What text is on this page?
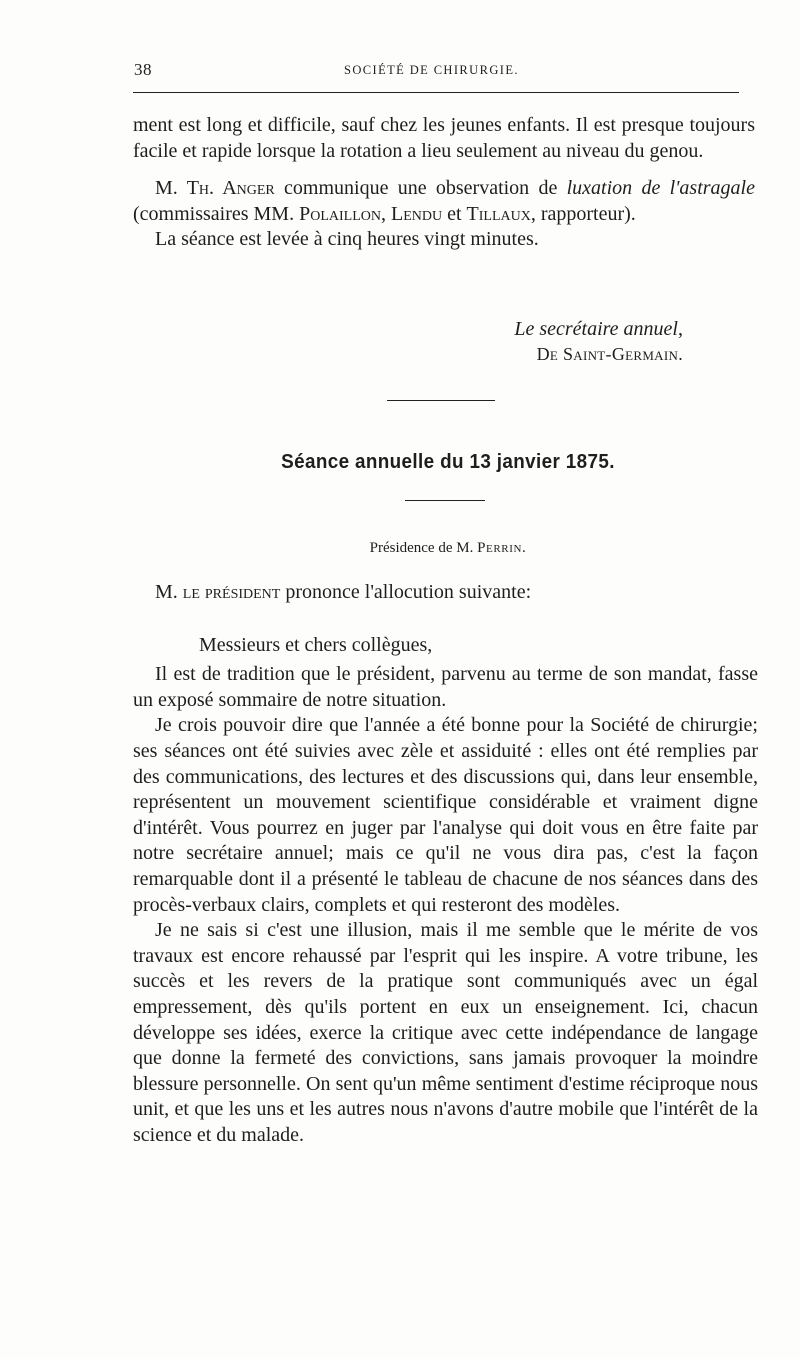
38	SOCIÉTÉ DE CHIRURGIE.

ment est long et difficile, sauf chez les jeunes enfants. Il est presque toujours facile et rapide lorsque la rotation a lieu seulement au niveau du genou.

M. Th. Anger communique une observation de luxation de l'astragale (commissaires MM. Polaillon, Lendu et Tillaux, rapporteur).

La séance est levée à cinq heures vingt minutes.

Le secrétaire annuel,
De Saint-Germain.
Séance annuelle du 13 janvier 1875.
Présidence de M. Perrin.

M. le président prononce l'allocution suivante:

Messieurs et chers collègues,

Il est de tradition que le président, parvenu au terme de son mandat, fasse un exposé sommaire de notre situation.

Je crois pouvoir dire que l'année a été bonne pour la Société de chirurgie; ses séances ont été suivies avec zèle et assiduité : elles ont été remplies par des communications, des lectures et des discussions qui, dans leur ensemble, représentent un mouvement scientifique considérable et vraiment digne d'intérêt. Vous pourrez en juger par l'analyse qui doit vous en être faite par notre secrétaire annuel; mais ce qu'il ne vous dira pas, c'est la façon remarquable dont il a présenté le tableau de chacune de nos séances dans des procès-verbaux clairs, complets et qui resteront des modèles.

Je ne sais si c'est une illusion, mais il me semble que le mérite de vos travaux est encore rehaussé par l'esprit qui les inspire. A votre tribune, les succès et les revers de la pratique sont communiqués avec un égal empressement, dès qu'ils portent en eux un enseignement. Ici, chacun développe ses idées, exerce la critique avec cette indépendance de langage que donne la fermeté des convictions, sans jamais provoquer la moindre blessure personnelle. On sent qu'un même sentiment d'estime réciproque nous unit, et que les uns et les autres nous n'avons d'autre mobile que l'intérêt de la science et du malade.
